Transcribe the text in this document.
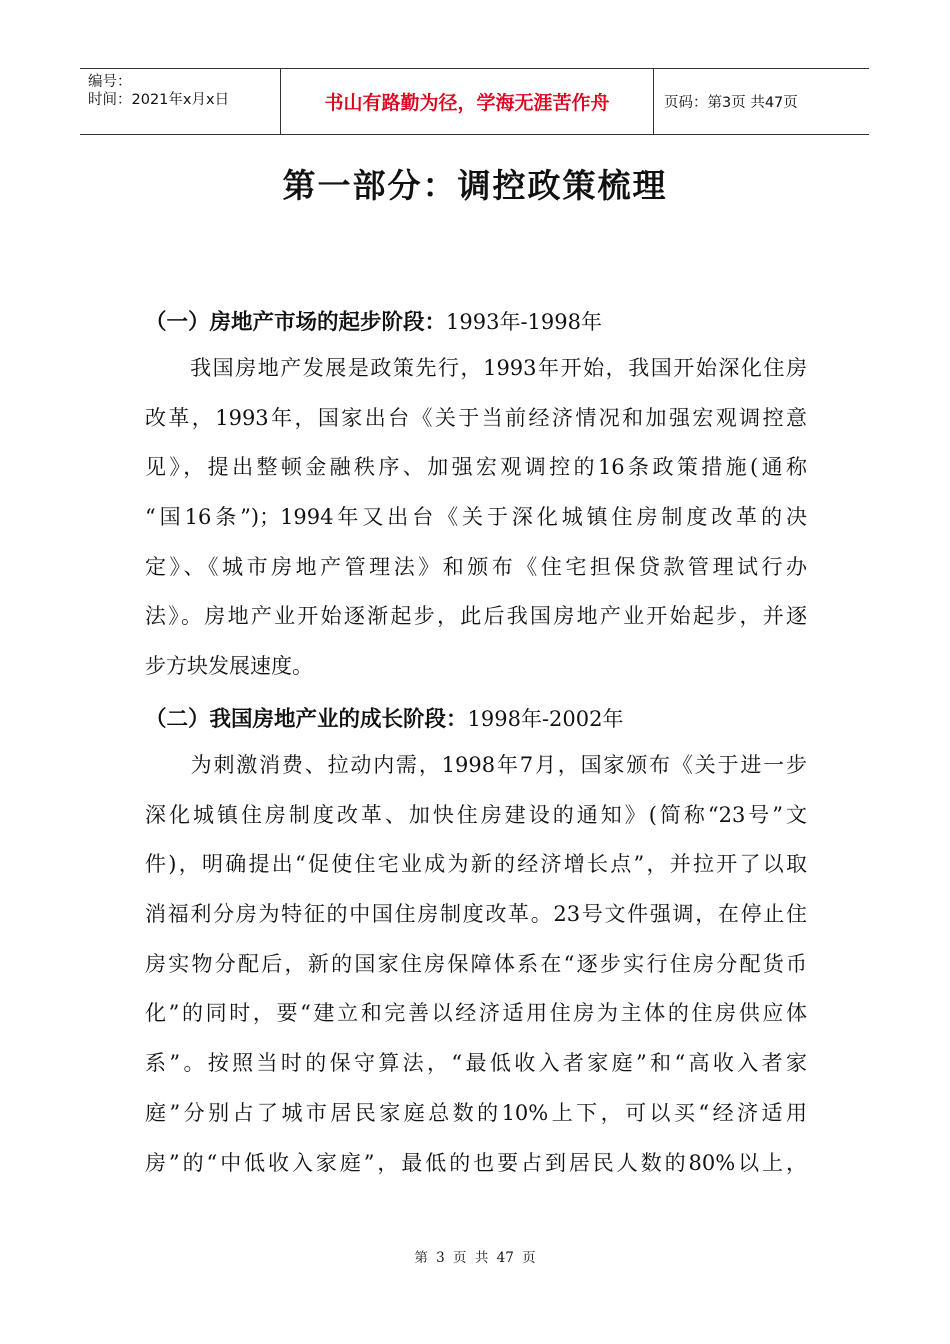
编号：
时间：2021年x月x日	书山有路勤为径，学海无涯苦作舟	页码：第3页 共47页
第一部分：调控政策梳理
（一）房地产市场的起步阶段：1993年-1998年
　　我国房地产发展是政策先行，1993年开始，我国开始深化住房
改革，1993年，国家出台《关于当前经济情况和加强宏观调控意
见》，提出整顿金融秩序、加强宏观调控的16条政策措施(通称
“国16条”)；1994年又出台《关于深化城镇住房制度改革的决
定》、《城市房地产管理法》和颁布《住宅担保贷款管理试行办
法》。房地产业开始逐渐起步，此后我国房地产业开始起步，并逐
步方块发展速度。
（二）我国房地产业的成长阶段：1998年-2002年
　　为刺激消费、拉动内需，1998年7月，国家颁布《关于进一步
深化城镇住房制度改革、加快住房建设的通知》(简称“23号”文
件)，明确提出“促使住宅业成为新的经济增长点”，并拉开了以取
消福利分房为特征的中国住房制度改革。23号文件强调，在停止住
房实物分配后，新的国家住房保障体系在“逐步实行住房分配货币
化”的同时，要“建立和完善以经济适用住房为主体的住房供应体
系”。按照当时的保守算法，“最低收入者家庭”和“高收入者家
庭”分别占了城市居民家庭总数的10%上下，可以买“经济适用
房”的“中低收入家庭”，最低的也要占到居民人数的80%以上，
第 3 页 共 47 页
